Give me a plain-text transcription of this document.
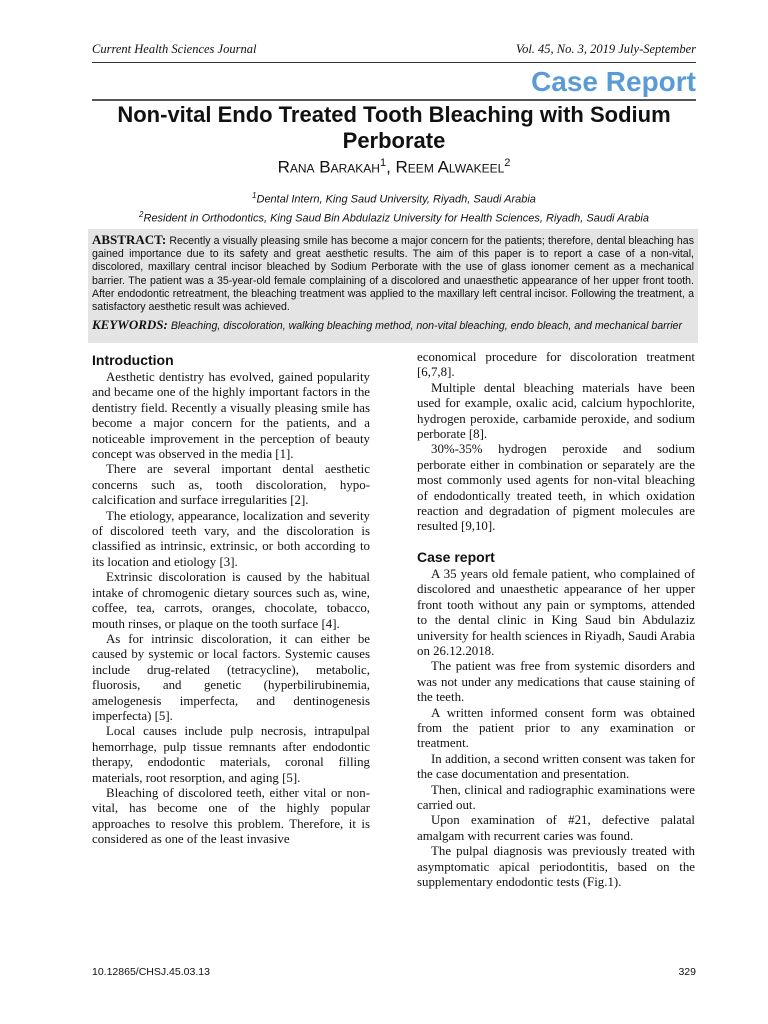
Current Health Sciences Journal	Vol. 45, No. 3, 2019 July-September
Case Report
Non-vital Endo Treated Tooth Bleaching with Sodium Perborate
Rana Barakah$^1$, Reem Alwakeel$^2$
$^1$Dental Intern, King Saud University, Riyadh, Saudi Arabia
$^2$Resident in Orthodontics, King Saud Bin Abdulaziz University for Health Sciences, Riyadh, Saudi Arabia
ABSTRACT: Recently a visually pleasing smile has become a major concern for the patients; therefore, dental bleaching has gained importance due to its safety and great aesthetic results. The aim of this paper is to report a case of a non-vital, discolored, maxillary central incisor bleached by Sodium Perborate with the use of glass ionomer cement as a mechanical barrier. The patient was a 35-year-old female complaining of a discolored and unaesthetic appearance of her upper front tooth. After endodontic retreatment, the bleaching treatment was applied to the maxillary left central incisor. Following the treatment, a satisfactory aesthetic result was achieved.
KEYWORDS: Bleaching, discoloration, walking bleaching method, non-vital bleaching, endo bleach, and mechanical barrier
Introduction

Aesthetic dentistry has evolved, gained popularity and became one of the highly important factors in the dentistry field. Recently a visually pleasing smile has become a major concern for the patients, and a noticeable improvement in the perception of beauty concept was observed in the media [1].

There are several important dental aesthetic concerns such as, tooth discoloration, hypo-calcification and surface irregularities [2].

The etiology, appearance, localization and severity of discolored teeth vary, and the discoloration is classified as intrinsic, extrinsic, or both according to its location and etiology [3].

Extrinsic discoloration is caused by the habitual intake of chromogenic dietary sources such as, wine, coffee, tea, carrots, oranges, chocolate, tobacco, mouth rinses, or plaque on the tooth surface [4].

As for intrinsic discoloration, it can either be caused by systemic or local factors. Systemic causes include drug-related (tetracycline), metabolic, fluorosis, and genetic (hyperbilirubinemia, amelogenesis imperfecta, and dentinogenesis imperfecta) [5].

Local causes include pulp necrosis, intrapulpal hemorrhage, pulp tissue remnants after endodontic therapy, endodontic materials, coronal filling materials, root resorption, and aging [5].

Bleaching of discolored teeth, either vital or non-vital, has become one of the highly popular approaches to resolve this problem. Therefore, it is considered as one of the least invasive

economical procedure for discoloration treatment [6,7,8].

Multiple dental bleaching materials have been used for example, oxalic acid, calcium hypochlorite, hydrogen peroxide, carbamide peroxide, and sodium perborate [8].

30%-35% hydrogen peroxide and sodium perborate either in combination or separately are the most commonly used agents for non-vital bleaching of endodontically treated teeth, in which oxidation reaction and degradation of pigment molecules are resulted [9,10].

Case report

A 35 years old female patient, who complained of discolored and unaesthetic appearance of her upper front tooth without any pain or symptoms, attended to the dental clinic in King Saud bin Abdulaziz university for health sciences in Riyadh, Saudi Arabia on 26.12.2018.

The patient was free from systemic disorders and was not under any medications that cause staining of the teeth.

A written informed consent form was obtained from the patient prior to any examination or treatment.

In addition, a second written consent was taken for the case documentation and presentation.

Then, clinical and radiographic examinations were carried out.

Upon examination of #21, defective palatal amalgam with recurrent caries was found.

The pulpal diagnosis was previously treated with asymptomatic apical periodontitis, based on the supplementary endodontic tests (Fig.1).

10.12865/CHSJ.45.03.13	329
